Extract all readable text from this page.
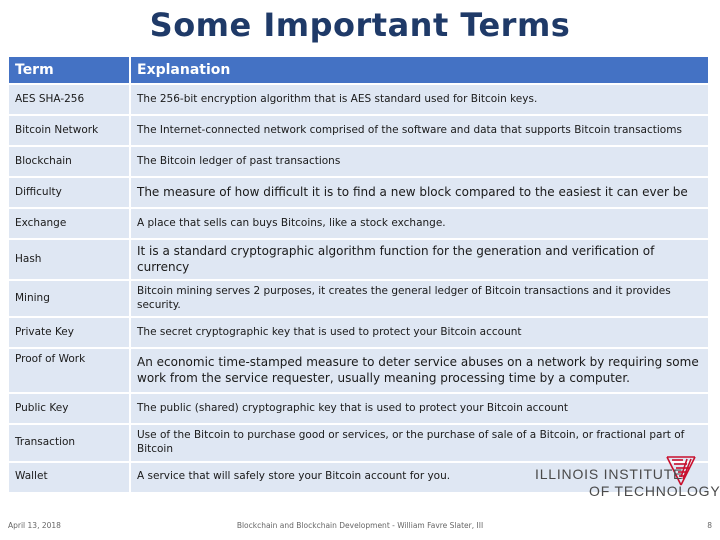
Some Important Terms
Term	Explanation
AES SHA-256	The 256-bit encryption algorithm that is AES standard used for Bitcoin keys.
Bitcoin Network	The Internet-connected network comprised of the software and data that supports Bitcoin transactioms
Blockchain	The Bitcoin ledger of past transactions
Difficulty	The measure of how difficult it is to find a new block compared to the easiest it can ever be
Exchange	A place that sells can buys Bitcoins, like a stock exchange.
Hash	It is a standard cryptographic algorithm function for the generation and verification of currency
Mining	Bitcoin mining serves 2 purposes, it creates the general ledger of Bitcoin transactions and it provides security.
Private Key	The secret cryptographic key that is used to protect your Bitcoin account
Proof of Work	An economic time-stamped measure to deter service abuses on a network by requiring some work from the service requester, usually meaning processing time by a computer.
Public Key	The public (shared) cryptographic key that is used to protect your Bitcoin account
Transaction	Use of the Bitcoin to purchase good or services, or the purchase of sale of a Bitcoin, or fractional part of Bitcoin
Wallet	A service that will safely store your Bitcoin account for you.	ILLINOIS INSTITUTE
OF TECHNOLOGY
April 13, 2018	Blockchain and Blockchain Development - William Favre Slater, III	8
